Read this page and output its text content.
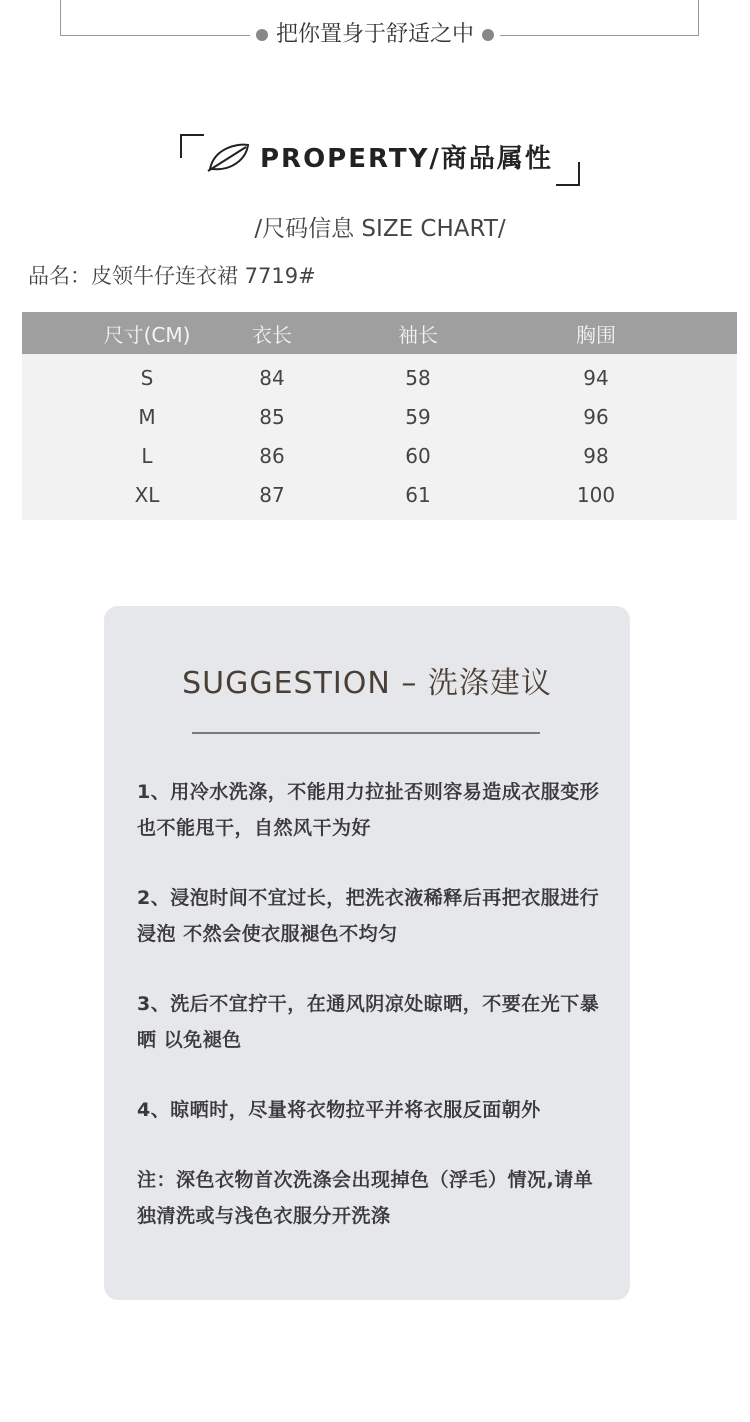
把你置身于舒适之中
PROPERTY/商品属性
/尺码信息 SIZE CHART/
品名：皮领牛仔连衣裙 7719#
尺寸(CM)	衣长	袖长	胸围
S	84	58	94
M	85	59	96
L	86	60	98
XL	87	61	100
SUGGESTION – 洗涤建议

1、用冷水洗涤，不能用力拉扯否则容易造成衣服变形也不能甩干，自然风干为好

2、浸泡时间不宜过长，把洗衣液稀释后再把衣服进行浸泡 不然会使衣服褪色不均匀

3、洗后不宜拧干，在通风阴凉处晾晒，不要在光下暴晒 以免褪色

4、晾晒时，尽量将衣物拉平并将衣服反面朝外

注：深色衣物首次洗涤会出现掉色（浮毛）情况,请单独清洗或与浅色衣服分开洗涤
